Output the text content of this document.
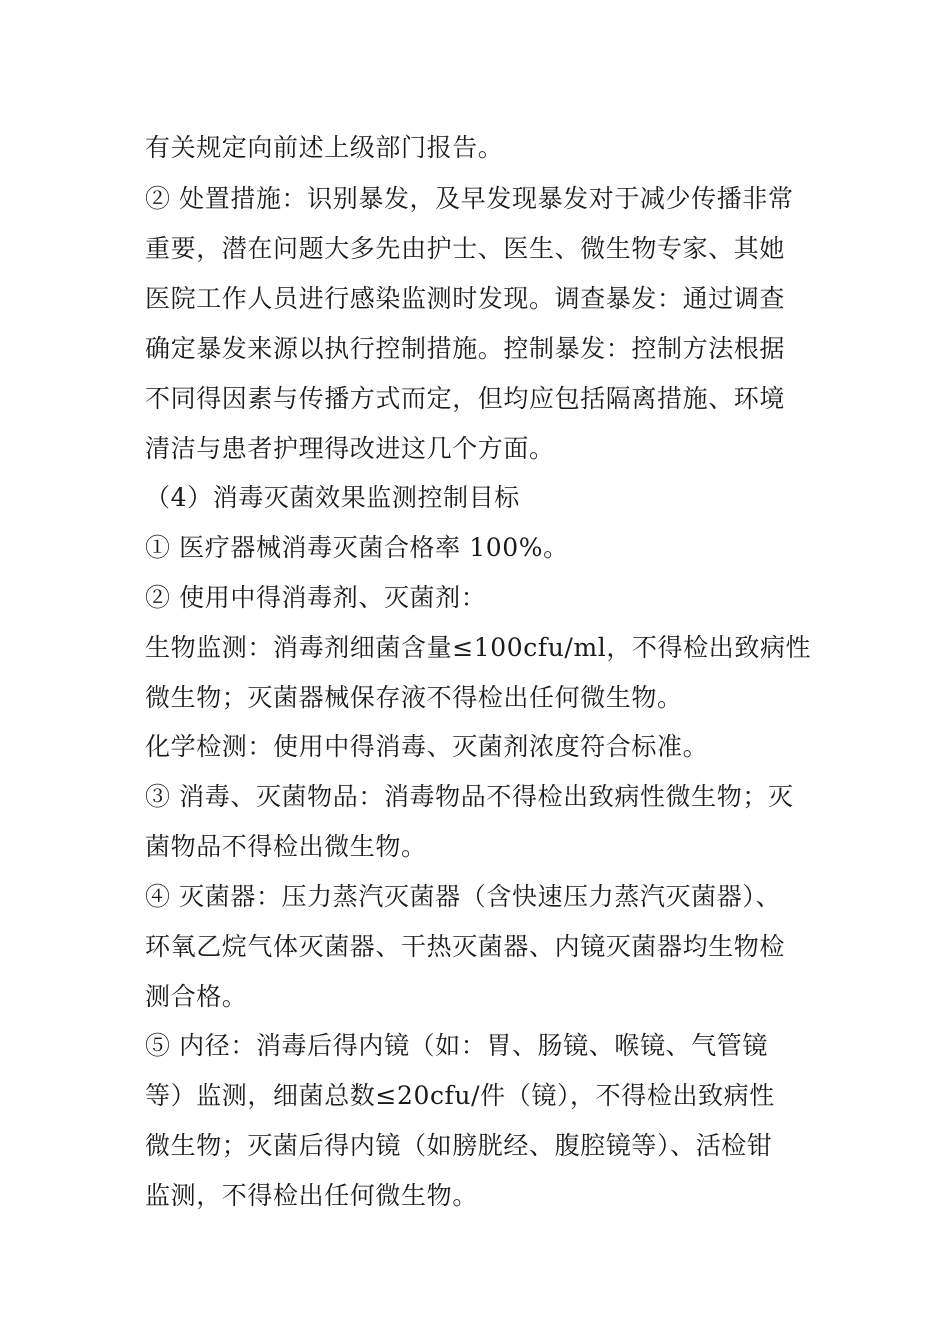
有关规定向前述上级部门报告。
② 处置措施：识别暴发，及早发现暴发对于减少传播非常
重要，潜在问题大多先由护士、医生、微生物专家、其她
医院工作人员进行感染监测时发现。调查暴发：通过调查
确定暴发来源以执行控制措施。控制暴发：控制方法根据
不同得因素与传播方式而定，但均应包括隔离措施、环境
清洁与患者护理得改进这几个方面。
（4）消毒灭菌效果监测控制目标
① 医疗器械消毒灭菌合格率 100%。
② 使用中得消毒剂、灭菌剂：
生物监测：消毒剂细菌含量≤100cfu/ml，不得检出致病性
微生物；灭菌器械保存液不得检出任何微生物。
化学检测：使用中得消毒、灭菌剂浓度符合标准。
③ 消毒、灭菌物品：消毒物品不得检出致病性微生物；灭
菌物品不得检出微生物。
④ 灭菌器：压力蒸汽灭菌器（含快速压力蒸汽灭菌器）、
环氧乙烷气体灭菌器、干热灭菌器、内镜灭菌器均生物检
测合格。
⑤ 内径：消毒后得内镜（如：胃、肠镜、喉镜、气管镜
等）监测，细菌总数≤20cfu/件（镜），不得检出致病性
微生物；灭菌后得内镜（如膀胱经、腹腔镜等）、活检钳
监测，不得检出任何微生物。
